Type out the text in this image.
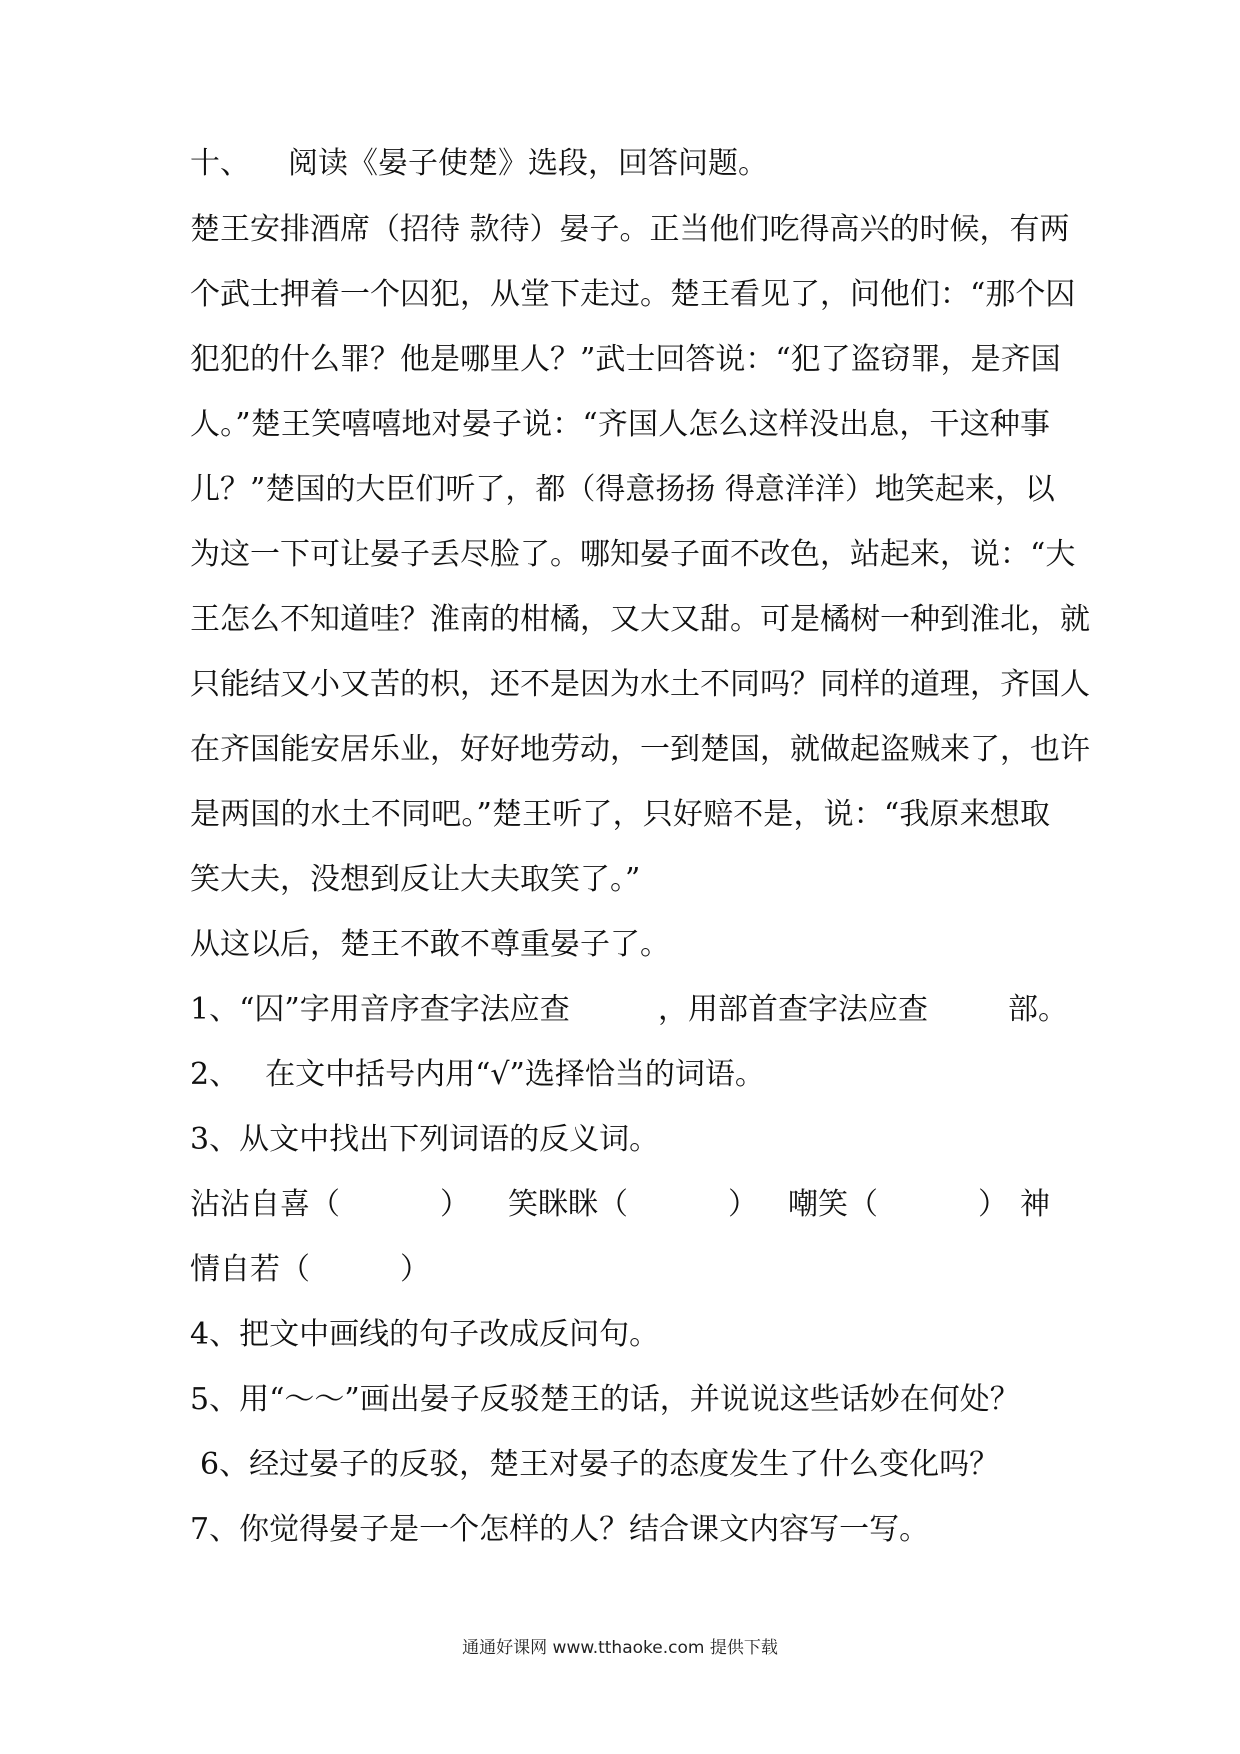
十、 阅读《晏子使楚》选段，回答问题。
楚王安排酒席（招待 款待）晏子。正当他们吃得高兴的时候，有两
个武士押着一个囚犯，从堂下走过。楚王看见了，问他们：“那个囚
犯犯的什么罪？他是哪里人？”武士回答说：“犯了盗窃罪，是齐国
人。”楚王笑嘻嘻地对晏子说：“齐国人怎么这样没出息，干这种事
儿？”楚国的大臣们听了，都（得意扬扬 得意洋洋）地笑起来，以
为这一下可让晏子丢尽脸了。哪知晏子面不改色，站起来，说：“大
王怎么不知道哇？淮南的柑橘，又大又甜。可是橘树一种到淮北，就
只能结又小又苦的枳，还不是因为水土不同吗？同样的道理，齐国人
在齐国能安居乐业，好好地劳动，一到楚国，就做起盗贼来了，也许
是两国的水土不同吧。”楚王听了，只好赔不是，说：“我原来想取
笑大夫，没想到反让大夫取笑了。”
从这以后，楚王不敢不尊重晏子了。
1、“囚”字用音序查字法应查	，用部首查字法应查	部。
2、 在文中括号内用“√”选择恰当的词语。
3、从文中找出下列词语的反义词。
沾沾自喜（	） 笑眯眯（	） 嘲笑（	） 神
情自若（	）
4、把文中画线的句子改成反问句。
5、用“～～”画出晏子反驳楚王的话，并说说这些话妙在何处？
6、经过晏子的反驳，楚王对晏子的态度发生了什么变化吗？
7、你觉得晏子是一个怎样的人？结合课文内容写一写。
通通好课网 www.tthaoke.com 提供下载
